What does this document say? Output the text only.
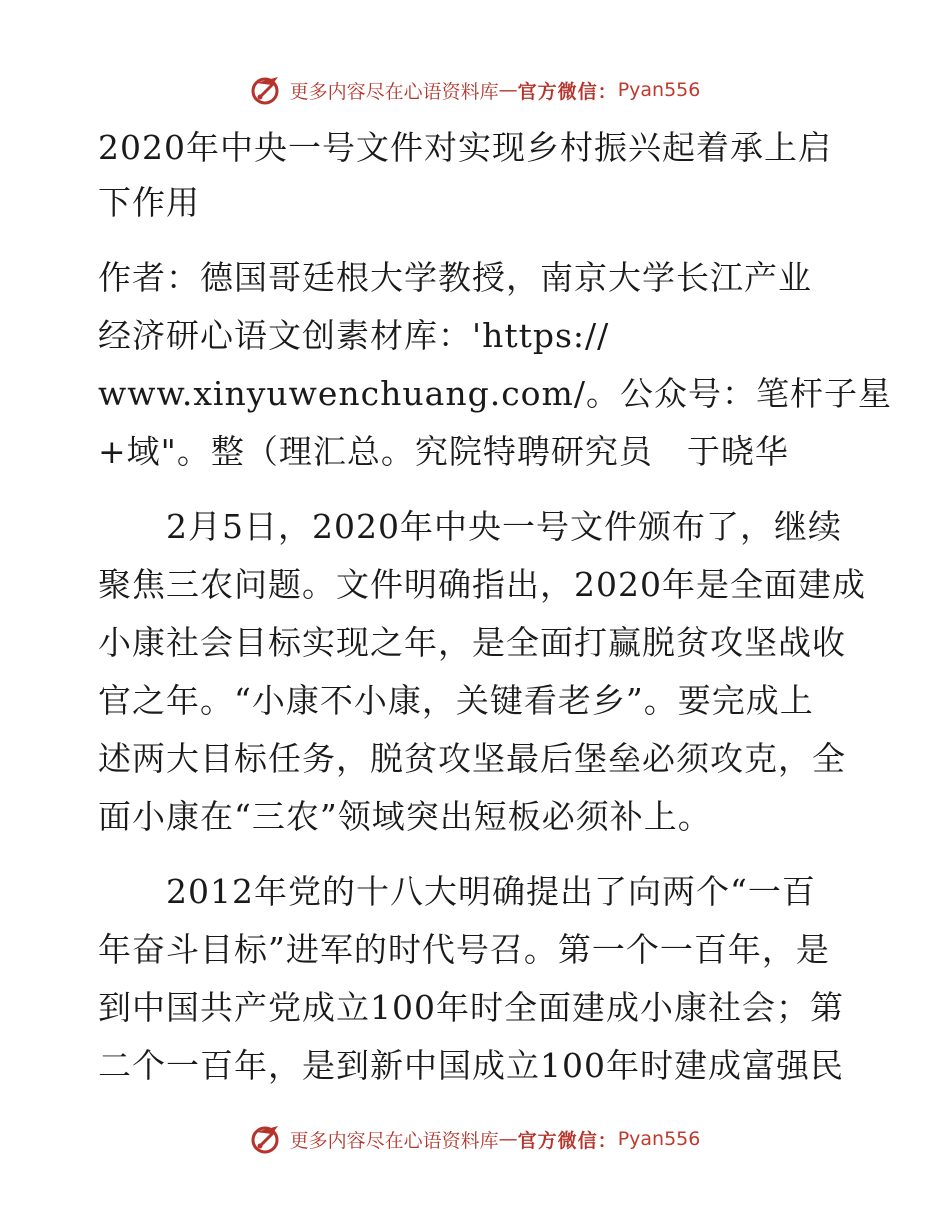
更多内容尽在心语资料库 — 官方微信： Pyan556
2020年中央一号文件对实现乡村振兴起着承上启
下作用
作者：德国哥廷根大学教授，南京大学长江产业
经济研心语文创素材库：'https://
www.xinyuwenchuang.com/。公众号：笔杆子星
+域"。整（理汇总。究院特聘研究员　于晓华
　　2月5日，2020年中央一号文件颁布了，继续
聚焦三农问题。文件明确指出，2020年是全面建成
小康社会目标实现之年，是全面打赢脱贫攻坚战收
官之年。“小康不小康，关键看老乡”。要完成上
述两大目标任务，脱贫攻坚最后堡垒必须攻克，全
面小康在“三农”领域突出短板必须补上。
　　2012年党的十八大明确提出了向两个“一百
年奋斗目标”进军的时代号召。第一个一百年，是
到中国共产党成立100年时全面建成小康社会；第
二个一百年，是到新中国成立100年时建成富强民
更多内容尽在心语资料库 — 官方微信： Pyan556
